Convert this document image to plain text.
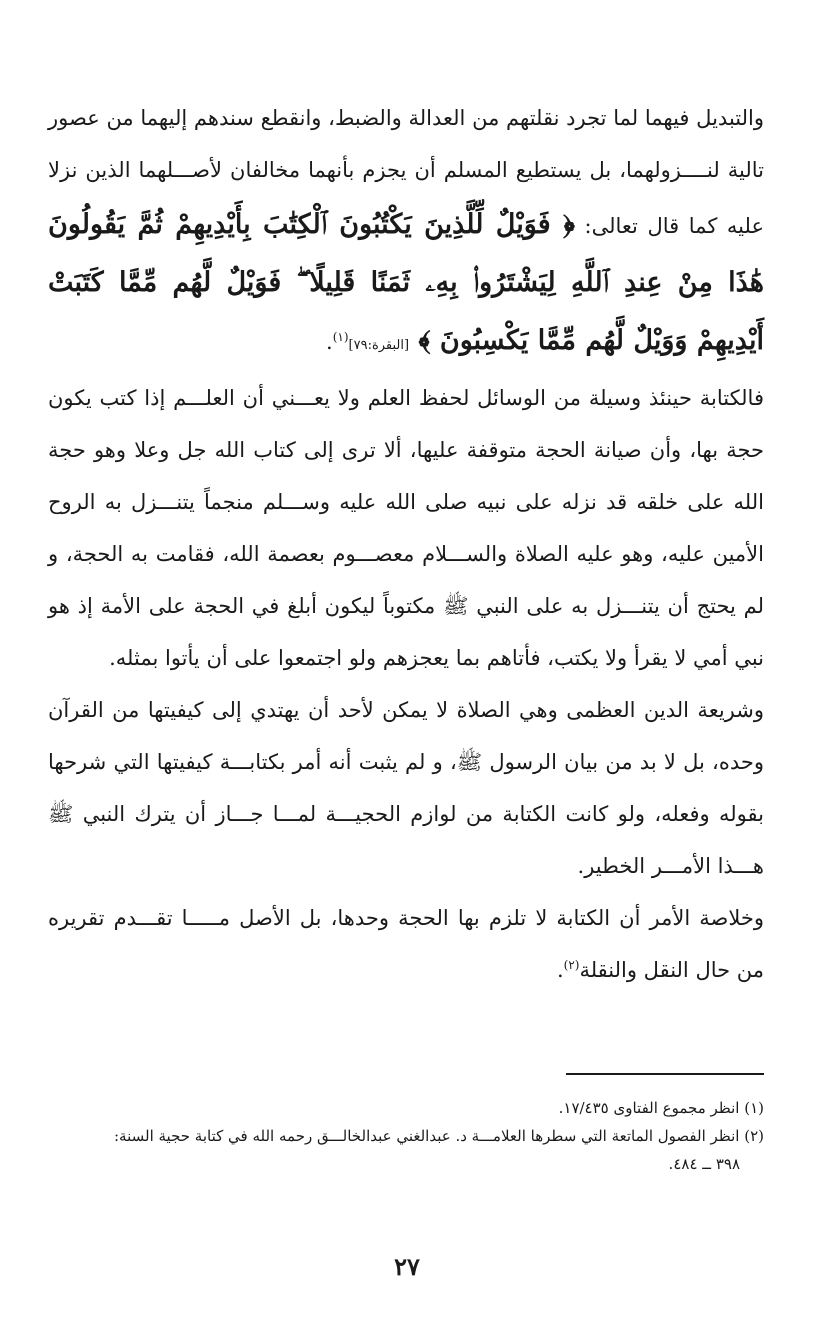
والتبديل فيهما لما تجرد نقلتهم من العدالة والضبط، وانقطع سندهم إليهما من عصور تالية لنــــزولهما، بل يستطيع المسلم أن يجزم بأنهما مخالفان لأصـــلهما الذين نزلا عليه كما قال تعالى: ﴿ فَوَيْلٌ لِّلَّذِينَ يَكْتُبُونَ ٱلْكِتَٰبَ بِأَيْدِيهِمْ ثُمَّ يَقُولُونَ هَٰذَا مِنْ عِندِ ٱللَّهِ لِيَشْتَرُوا۟ بِهِۦ ثَمَنًا قَلِيلًا ۖ فَوَيْلٌ لَّهُم مِّمَّا كَتَبَتْ أَيْدِيهِمْ وَوَيْلٌ لَّهُم مِّمَّا يَكْسِبُونَ ﴾ [البقرة:٧٩]$^{(١)}$.

فالكتابة حينئذ وسيلة من الوسائل لحفظ العلم ولا يعـــني أن العلـــم إذا كتب يكون حجة بها، وأن صيانة الحجة متوقفة عليها، ألا ترى إلى كتاب الله جل وعلا وهو حجة الله على خلقه قد نزله على نبيه صلى الله عليه وســـلم منجماً يتنـــزل به الروح الأمين عليه، وهو عليه الصلاة والســـلام معصـــوم بعصمة الله، فقامت به الحجة، و لم يحتج أن يتنـــزل به على النبي ﷺ مكتوباً ليكون أبلغ في الحجة على الأمة إذ هو نبي أمي لا يقرأ ولا يكتب، فأتاهم بما يعجزهم ولو اجتمعوا على أن يأتوا بمثله.

وشريعة الدين العظمى وهي الصلاة لا يمكن لأحد أن يهتدي إلى كيفيتها من القرآن وحده، بل لا بد من بيان الرسول ﷺ، و لم يثبت أنه أمر بكتابـــة كيفيتها التي شرحها بقوله وفعله، ولو كانت الكتابة من لوازم الحجيـــة لمـــا جـــاز أن يترك النبي ﷺ هـــذا الأمـــر الخطير.

وخلاصة الأمر أن الكتابة لا تلزم بها الحجة وحدها، بل الأصل مـــــا تقـــدم تقريره من حال النقل والنقلة$^{(٢)}$.

(١) انظر مجموع الفتاوى ١٧/٤٣٥.

(٢) انظر الفصول الماتعة التي سطرها العلامـــة د. عبدالغني عبدالخالـــق رحمه الله في كتابة حجية السنة:

٣٩٨ ــ ٤٨٤.

٢٧
